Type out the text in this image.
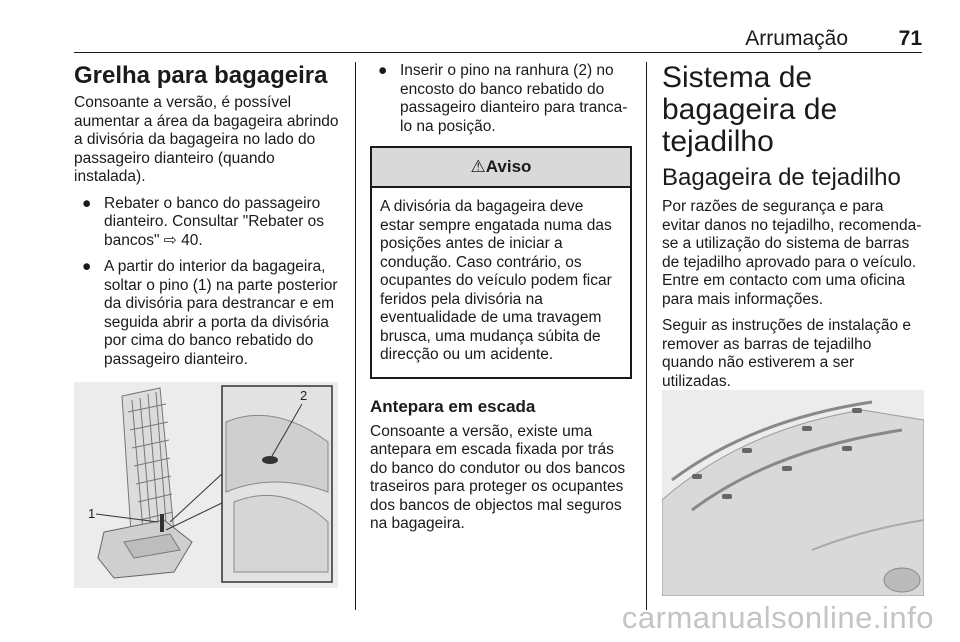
Arrumação 71
Grelha para bagageira

Consoante a versão, é possível aumentar a área da bagageira abrindo a divisória da bagageira no lado do passageiro dianteiro (quando instalada).

● Rebater o banco do passageiro dianteiro. Consultar "Rebater os bancos" ⇨ 40.
● A partir do interior da bagageira, soltar o pino (1) na parte posterior da divisória para destrancar e em seguida abrir a porta da divisória por cima do banco rebatido do passageiro dianteiro.
1
2
● Inserir o pino na ranhura (2) no encosto do banco rebatido do passageiro dianteiro para tranca-lo na posição.
⚠Aviso

A divisória da bagageira deve estar sempre engatada numa das posições antes de iniciar a condução. Caso contrário, os ocupantes do veículo podem ficar feridos pela divisória na eventualidade de uma travagem brusca, uma mudança súbita de direcção ou um acidente.

Antepara em escada

Consoante a versão, existe uma antepara em escada fixada por trás do banco do condutor ou dos bancos traseiros para proteger os ocupantes dos bancos de objectos mal seguros na bagageira.

Sistema de bagageira de tejadilho
Bagageira de tejadilho

Por razões de segurança e para evitar danos no tejadilho, recomenda-se a utilização do sistema de barras de tejadilho aprovado para o veículo. Entre em contacto com uma oficina para mais informações.

Seguir as instruções de instalação e remover as barras de tejadilho quando não estiverem a ser utilizadas.

carmanualsonline.info
